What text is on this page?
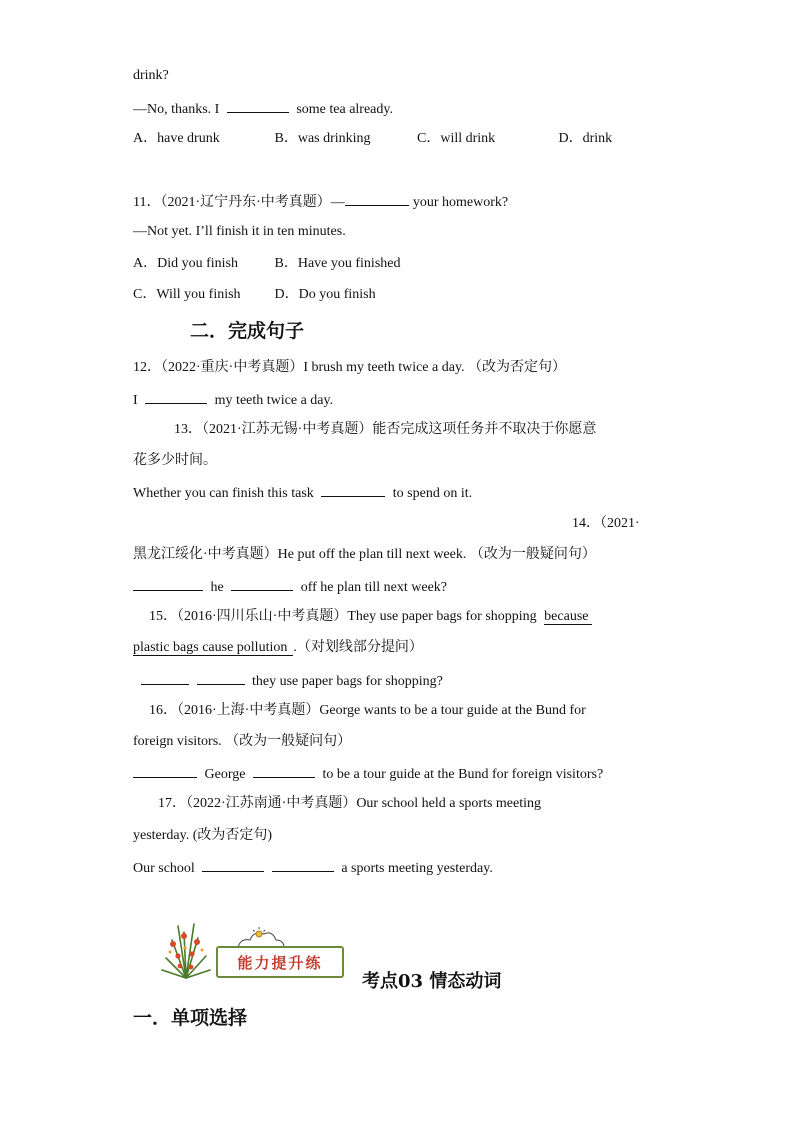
drink?
—No, thanks. I	some tea already.
A．have drunk	B．was drinking	C．will drink	D．drink
11．（2021·辽宁丹东·中考真题）—	your homework?
—Not yet. I’ll finish it in ten minutes.
A．Did you finish	B．Have you finished
C．Will you finish D．Do you finish
二．完成句子
12．（2022·重庆·中考真题）I brush my teeth twice a day. （改为否定句）
I	my teeth twice a day.
13．（2021·江苏无锡·中考真题）能否完成这项任务并不取决于你愿意
花多少时间。
Whether you can finish this task	to spend on it.
14．（2021·
黑龙江绥化·中考真题）He put off the plan till next week. （改为一般疑问句）
he	off he plan till next week?
15．（2016·四川乐山·中考真题）They use paper bags for shopping because
plastic bags cause pollution .（对划线部分提问）
they use paper bags for shopping?
16．（2016·上海·中考真题）George wants to be a tour guide at the Bund for
foreign visitors. （改为一般疑问句）
George	to be a tour guide at the Bund for foreign visitors?
17．（2022·江苏南通·中考真题）Our school held a sports meeting
yesterday. (改为否定句)
Our school	a sports meeting yesterday.
能力提升练
考点03 情态动词
一．单项选择
